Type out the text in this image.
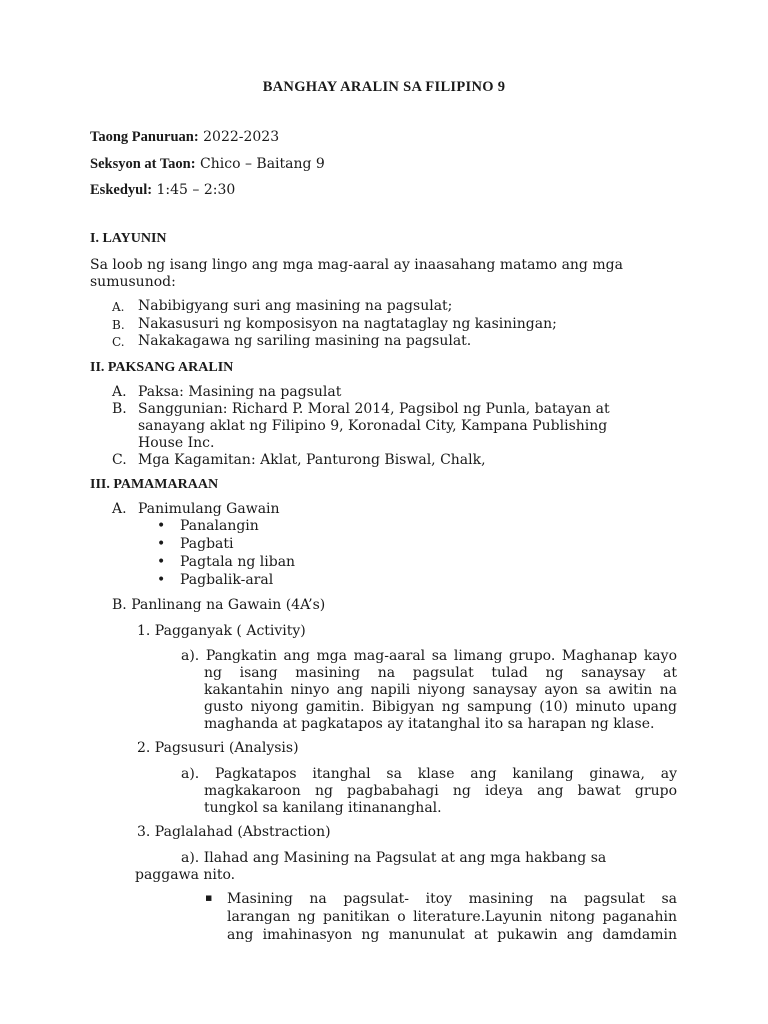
BANGHAY ARALIN SA FILIPINO 9
Taong Panuruan: 2022-2023
Seksyon at Taon: Chico – Baitang 9
Eskedyul: 1:45 – 2:30
I. LAYUNIN
Sa loob ng isang lingo ang mga mag-aaral ay inaasahang matamo ang mga
sumusunod:
A. Nabibigyang suri ang masining na pagsulat;
B. Nakasusuri ng komposisyon na nagtataglay ng kasiningan;
C. Nakakagawa ng sariling masining na pagsulat.
II. PAKSANG ARALIN
A. Paksa: Masining na pagsulat
B. Sanggunian: Richard P. Moral 2014, Pagsibol ng Punla, batayan at
sanayang aklat ng Filipino 9, Koronadal City, Kampana Publishing
House Inc.
C. Mga Kagamitan: Aklat, Panturong Biswal, Chalk,
III. PAMAMARAAN
A. Panimulang Gawain
• Panalangin
• Pagbati
• Pagtala ng liban
• Pagbalik-aral
B. Panlinang na Gawain (4A’s)
1. Pagganyak ( Activity)
a). Pangkatin ang mga mag-aaral sa limang grupo. Maghanap kayo
ng isang masining na pagsulat tulad ng sanaysay at
kakantahin ninyo ang napili niyong sanaysay ayon sa awitin na
gusto niyong gamitin. Bibigyan ng sampung (10) minuto upang
maghanda at pagkatapos ay itatanghal ito sa harapan ng klase.
2. Pagsusuri (Analysis)
a). Pagkatapos itanghal sa klase ang kanilang ginawa, ay
magkakaroon ng pagbabahagi ng ideya ang bawat grupo
tungkol sa kanilang itinananghal.
3. Paglalahad (Abstraction)
a). Ilahad ang Masining na Pagsulat at ang mga hakbang sa
paggawa nito.
▪ Masining na pagsulat- itoy masining na pagsulat sa
larangan ng panitikan o literature.Layunin nitong paganahin
ang imahinasyon ng manunulat at pukawin ang damdamin
